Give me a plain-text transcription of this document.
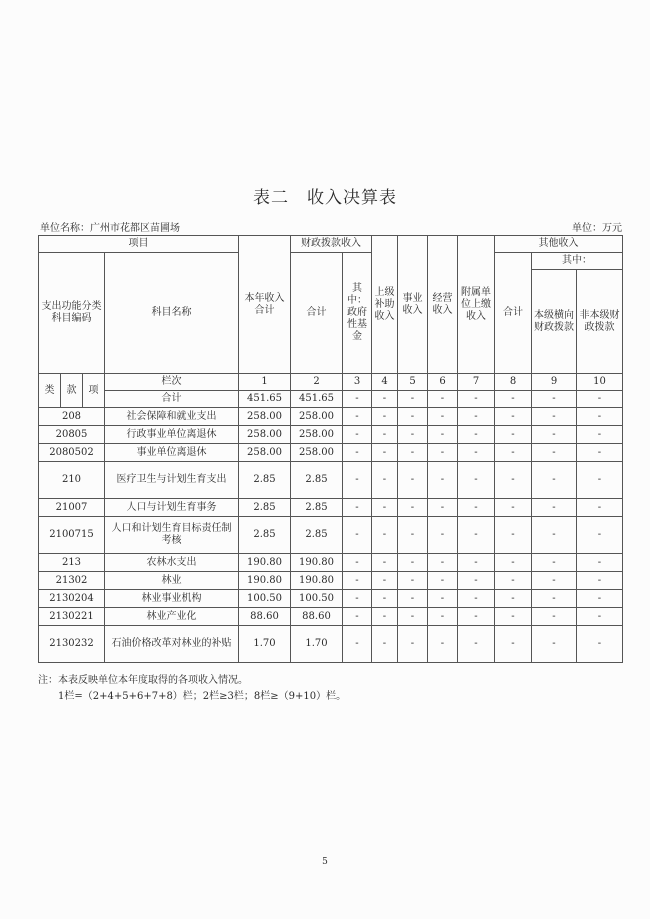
表二　收入决算表
单位名称：广州市花都区苗圃场	单位：万元
项目				本年收入合计	财政拨款收入		上级补助收入	事业收入	经营收入	附属单位上缴收入	其他收入		
支出功能分类科目编码			科目名称		合计	其中：政府性基金					合计	其中：	
												本级横向财政拨款	非本级财政拨款
类	款	项	栏次	1	2	3	4	5	6	7	8	9	10
			合计	451.65	451.65	-	-	-	-	-	-	-	-
208			社会保障和就业支出	258.00	258.00	-	-	-	-	-	-	-	-
20805			行政事业单位离退休	258.00	258.00	-	-	-	-	-	-	-	-
2080502			事业单位离退休	258.00	258.00	-	-	-	-	-	-	-	-
210			医疗卫生与计划生育支出	2.85	2.85	-	-	-	-	-	-	-	-
21007			人口与计划生育事务	2.85	2.85	-	-	-	-	-	-	-	-
2100715			人口和计划生育目标责任制考核	2.85	2.85	-	-	-	-	-	-	-	-
213			农林水支出	190.80	190.80	-	-	-	-	-	-	-	-
21302			林业	190.80	190.80	-	-	-	-	-	-	-	-
2130204			林业事业机构	100.50	100.50	-	-	-	-	-	-	-	-
2130221			林业产业化	88.60	88.60	-	-	-	-	-	-	-	-
2130232			石油价格改革对林业的补贴	1.70	1.70	-	-	-	-	-	-	-	-
注：本表反映单位本年度取得的各项收入情况。
1栏=（2+4+5+6+7+8）栏；2栏≥3栏；8栏≥（9+10）栏。
5
